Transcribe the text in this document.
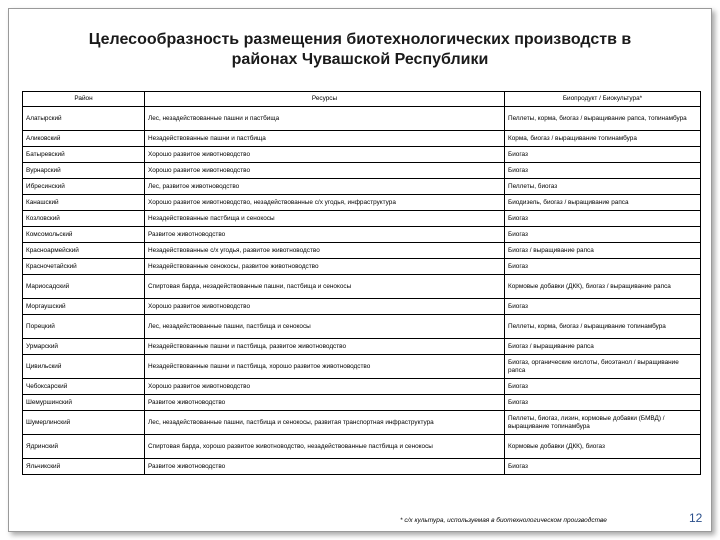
Целесообразность размещения биотехнологических производств в
районах Чувашской Республики
Район	Ресурсы	Биопродукт / Биокультура*
Алатырский	Лес, незадействованные пашни и пастбища	Пеллеты, корма, биогаз / выращивание рапса, топинамбура
Аликовский	Незадействованные пашни и пастбища	Корма, биогаз / выращивание топинамбура
Батыревский	Хорошо развитое животноводство	Биогаз
Вурнарский	Хорошо развитое животноводство	Биогаз
Ибресинский	Лес, развитое животноводство	Пеллеты, биогаз
Канашский	Хорошо развитое животноводство, незадействованные с/х угодья, инфраструктура	Биодизель, биогаз / выращивание рапса
Козловский	Незадействованные пастбища и сенокосы	Биогаз
Комсомольский	Развитое животноводство	Биогаз
Красноармейский	Незадействованные с/х угодья, развитое животноводство	Биогаз / выращивание рапса
Красночетайский	Незадействованные сенокосы, развитое животноводство	Биогаз
Мариосадский	Спиртовая барда, незадействованные пашни, пастбища и сенокосы	Кормовые добавки (ДКК), биогаз / выращивание рапса
Моргаушский	Хорошо развитое животноводство	Биогаз
Порецкий	Лес, незадействованные пашни, пастбища и сенокосы	Пеллеты, корма, биогаз / выращивание топинамбура
Урмарский	Незадействованные пашни и пастбища, развитое животноводство	Биогаз / выращивание рапса
Цивильский	Незадействованные пашни и пастбища, хорошо развитое животноводство	Биогаз, органические кислоты, биоэтанол / выращивание рапса
Чебоксарский	Хорошо развитое животноводство	Биогаз
Шемуршинский	Развитое животноводство	Биогаз
Шумерлинский	Лес, незадействованные пашни, пастбища и сенокосы, развитая транспортная инфраструктура	Пеллеты, биогаз, лизин, кормовые добавки (БМВД) / выращивание топинамбура
Ядринский	Спиртовая барда, хорошо развитое животноводство, незадействованные пастбища и сенокосы	Кормовые добавки (ДКК), биогаз
Яльчикский	Развитое животноводство	Биогаз
* с/х культура, используемая в биотехнологическом производстве	12
